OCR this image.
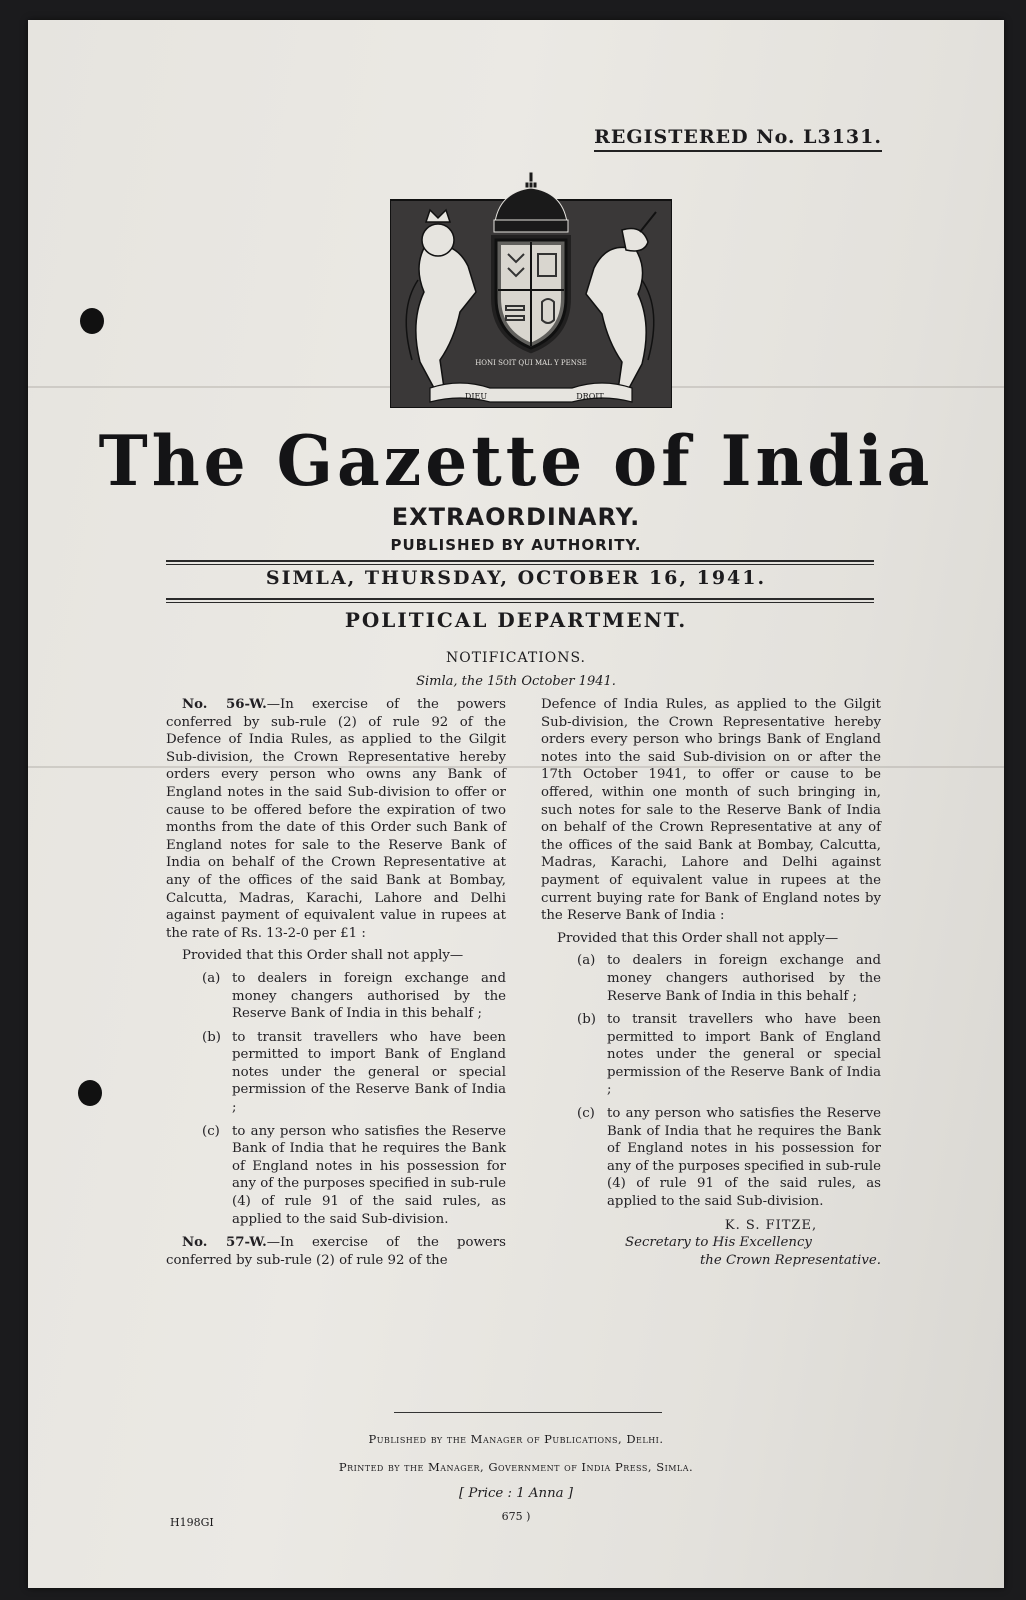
REGISTERED No. L3131.
HONI SOIT QUI MAL Y PENSE
DIEU	DROIT
The Gazette of India
EXTRAORDINARY.
PUBLISHED BY AUTHORITY.
SIMLA, THURSDAY, OCTOBER 16, 1941.
POLITICAL DEPARTMENT.
NOTIFICATIONS.
Simla, the 15th October 1941.

No. 56-W.—In exercise of the powers conferred by sub-rule (2) of rule 92 of the Defence of India Rules, as applied to the Gilgit Sub-division, the Crown Representative hereby orders every person who owns any Bank of England notes in the said Sub-division to offer or cause to be offered before the expiration of two months from the date of this Order such Bank of England notes for sale to the Reserve Bank of India on behalf of the Crown Representative at any of the offices of the said Bank at Bombay, Calcutta, Madras, Karachi, Lahore and Delhi against payment of equivalent value in rupees at the rate of Rs. 13-2-0 per £1 :

Provided that this Order shall not apply—

(a) to dealers in foreign exchange and money changers authorised by the Reserve Bank of India in this behalf ;
(b) to transit travellers who have been permitted to import Bank of England notes under the general or special permission of the Reserve Bank of India ;
(c) to any person who satisfies the Reserve Bank of India that he requires the Bank of England notes in his possession for any of the purposes specified in sub-rule (4) of rule 91 of the said rules, as applied to the said Sub-division.

No. 57-W.—In exercise of the powers conferred by sub-rule (2) of rule 92 of the

Defence of India Rules, as applied to the Gilgit Sub-division, the Crown Representative hereby orders every person who brings Bank of England notes into the said Sub-division on or after the 17th October 1941, to offer or cause to be offered, within one month of such bringing in, such notes for sale to the Reserve Bank of India on behalf of the Crown Representative at any of the offices of the said Bank at Bombay, Calcutta, Madras, Karachi, Lahore and Delhi against payment of equivalent value in rupees at the current buying rate for Bank of England notes by the Reserve Bank of India :

Provided that this Order shall not apply—

(a) to dealers in foreign exchange and money changers authorised by the Reserve Bank of India in this behalf ;
(b) to transit travellers who have been permitted to import Bank of England notes under the general or special permission of the Reserve Bank of India ;
(c) to any person who satisfies the Reserve Bank of India that he requires the Bank of England notes in his possession for any of the purposes specified in sub-rule (4) of rule 91 of the said rules, as applied to the said Sub-division.
K. S. FITZE,
Secretary to His Excellency
the Crown Representative.
Published by the Manager of Publications, Delhi.
Printed by the Manager, Government of India Press, Simla.
[ Price : 1 Anna ]
H198GI	675 )
